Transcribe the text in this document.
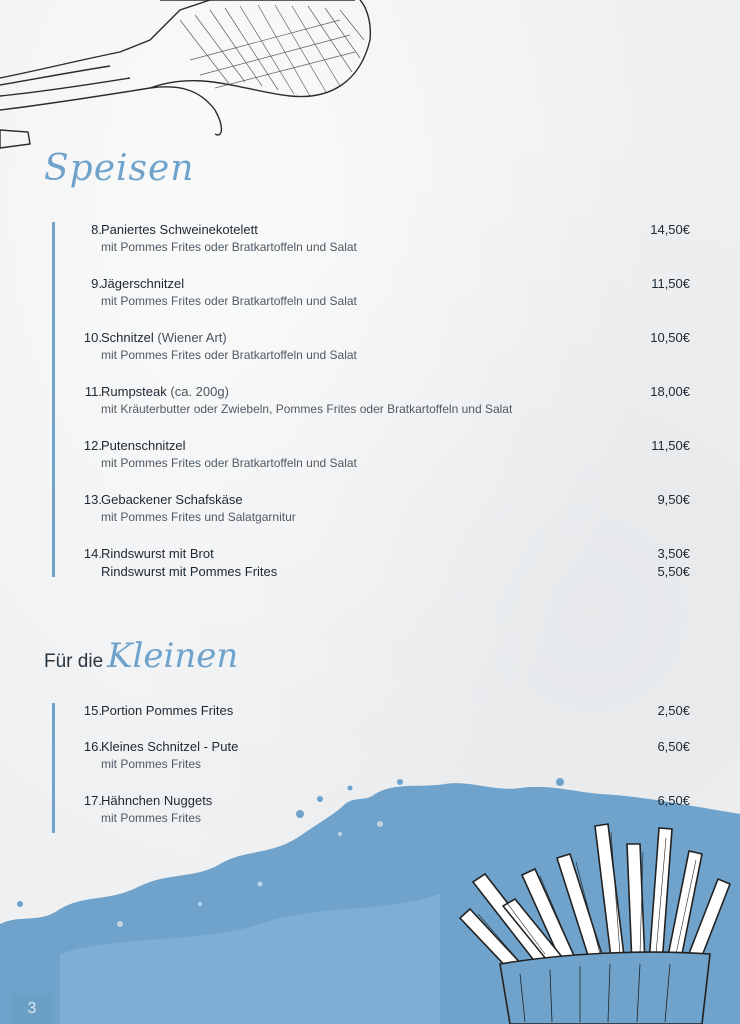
Speisen
8. Paniertes Schweinekotelett	14,50€
mit Pommes Frites oder Bratkartoffeln und Salat
9. Jägerschnitzel	11,50€
mit Pommes Frites oder Bratkartoffeln und Salat
10. Schnitzel (Wiener Art)	10,50€
mit Pommes Frites oder Bratkartoffeln und Salat
11. Rumpsteak (ca. 200g)	18,00€
mit Kräuterbutter oder Zwiebeln, Pommes Frites oder Bratkartoffeln und Salat
12. Putenschnitzel	11,50€
mit Pommes Frites oder Bratkartoffeln und Salat
13. Gebackener Schafskäse	9,50€
mit Pommes Frites und Salatgarnitur
14. Rindswurst mit Brot	3,50€
Rindswurst mit Pommes Frites	5,50€
Für die Kleinen
15. Portion Pommes Frites	2,50€
16. Kleines Schnitzel - Pute	6,50€
mit Pommes Frites
17. Hähnchen Nuggets	6,50€
mit Pommes Frites
3
